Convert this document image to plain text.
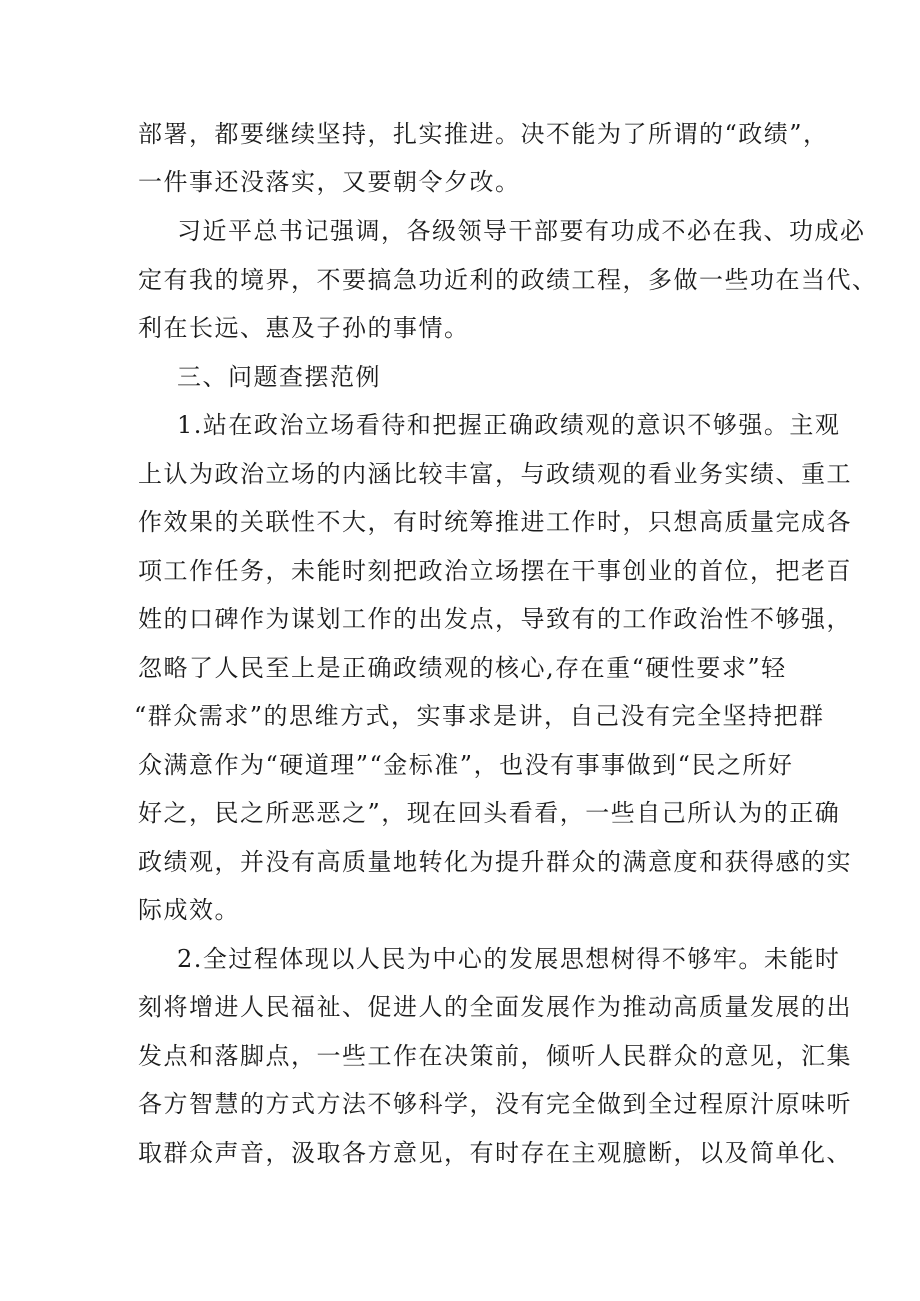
部署，都要继续坚持，扎实推进。决不能为了所谓的“政绩”，
一件事还没落实，又要朝令夕改。
习近平总书记强调，各级领导干部要有功成不必在我、功成必
定有我的境界，不要搞急功近利的政绩工程，多做一些功在当代、
利在长远、惠及子孙的事情。
三、问题查摆范例
1.站在政治立场看待和把握正确政绩观的意识不够强。主观
上认为政治立场的内涵比较丰富，与政绩观的看业务实绩、重工
作效果的关联性不大，有时统筹推进工作时，只想高质量完成各
项工作任务，未能时刻把政治立场摆在干事创业的首位，把老百
姓的口碑作为谋划工作的出发点，导致有的工作政治性不够强，
忽略了人民至上是正确政绩观的核心,存在重“硬性要求”轻
“群众需求”的思维方式，实事求是讲，自己没有完全坚持把群
众满意作为“硬道理”“金标准”，也没有事事做到“民之所好
好之，民之所恶恶之”，现在回头看看，一些自己所认为的正确
政绩观，并没有高质量地转化为提升群众的满意度和获得感的实
际成效。
2.全过程体现以人民为中心的发展思想树得不够牢。未能时
刻将增进人民福祉、促进人的全面发展作为推动高质量发展的出
发点和落脚点，一些工作在决策前，倾听人民群众的意见，汇集
各方智慧的方式方法不够科学，没有完全做到全过程原汁原味听
取群众声音，汲取各方意见，有时存在主观臆断，以及简单化、
